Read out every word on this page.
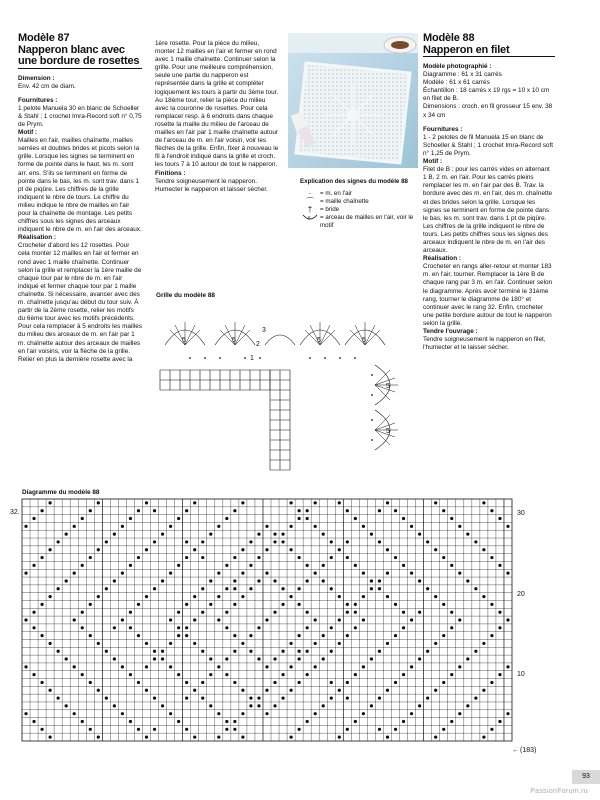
Modèle 87
Napperon blanc avec une bordure de rosettes

Dimension :

Env. 42 cm de diam.

Fournitures :

1 pelote Manuela 30 en blanc de Schoeller & Stahl ; 1 crochet Imra-Record soft n° 0,75 de Prym.

Motif :

Mailles en l'air, mailles chaînette, mailles serrées et doubles brides et picots selon la grille. Lorsque les signes se terminent en forme de pointe dans le haut, les m. sont arr. ens. S'ils se terminent en forme de pointe dans le bas, les m. sont trav. dans 1 pt de piqûre. Les chiffres de la grille indiquent le nbre de tours. Le chiffre du milieu indique le nbre de mailles en l'air pour la chaînette de montage. Les petits chiffres sous les signes des arceaux indiquent le nbre de m. en l'air des arceaux.

Réalisation :

Crocheter d'abord les 12 rosettes. Pour cela monter 12 mailles en l'air et fermer en rond avec 1 maille chaînette. Continuer selon la grille et remplacer la 1ère maille de chaque tour par le nbre de m. en l'air indiqué et fermer chaque tour par 1 maille chaînette. Si nécessaire, avancer avec des m. chaînette jusqu'au début du tour suiv. À partir de la 2ème rosette, relier les motifs du 6ème tour avec les motifs précédents. Pour cela remplacer à 5 endroits les mailles du milieu des arceaux de m. en l'air par 1 m. chaînette autour des arceaux de mailles en l'air voisins, voir la flèche de la grille. Relier en plus la dernière rosette avec la

1ère rosette. Pour la pièce du milieu, monter 12 mailles en l'air et fermer en rond avec 1 maille chaînette. Continuer selon la grille. Pour une meilleure compréhension, seule une partie du napperon est représentée dans la grille et compléter logiquement les tours à partir du 3ème tour. Au 18ème tour, relier la pièce du milieu avec la couronne de rosettes. Pour cela remplacer resp. à 6 endroits dans chaque rosette la maille du milieu de l'arceau de mailles en l'air par 1 maille chaînette autour de l'arceau de m. en l'air voisin, voir les flèches de la grille. Enfin, fixer à nouveau le fil à l'endroit indiqué dans la grille et croch. les tours 7 à 10 autour de tout le napperon.

Finitions :

Tendre soigneusement le napperon. Humecter le napperon et laisser sécher.

Explication des signes du modèle 88
·	= m. en l'air
⌒ = maille chaînette
†	= bride
5 = arceau de mailles en l'air, voir le motif
Modèle 88
Napperon en filet

Modèle photographié :

Diagramme : 61 x 31 carrés

Modèle : 61 x 61 carrés

Échantillon : 18 carrés x 19 rgs = 10 x 10 cm en filet de B.

Dimensions : croch. en fil grosseur 15 env. 38 x 34 cm

Fournitures :

1 - 2 pelotes de fil Manuela 15 en blanc de Schoeller & Stahl ; 1 crochet Imra-Record soft n° 1,25 de Prym.

Motif :

Filet de B : pour les carrés vides en alternant 1 B, 2 m. en l'air. Pour les carrés pleins remplacer les m. en l'air par des B. Trav. la bordure avec des m. en l'air, des m. chaînette et des brides selon la grille. Lorsque les signes se terminent en forme de pointe dans le bas, les m. sont trav. dans 1 pt de piqûre. Les chiffres de la grille indiquent le nbre de tours. Les petits chiffres sous les signes des arceaux indiquent le nbre de m. en l'air des arceaux.

Réalisation :

Crocheter en rangs aller-retour et monter 183 m. en l'air, tourner. Remplacer la 1ère B de chaque rang par 3 m. en l'air. Continuer selon le diagramme. Après avoir terminé le 31ème rang, tourner le diagramme de 180° et continuer avec le rang 32. Enfin, crocheter une petite bordure autour de tout le napperon selon la grille.

Tendre l'ouvrage :

Tendre soigneusement le napperon en filet, l'humecter et le laisser sécher.

Grille du modèle 88
5	5	5	5
5
5
3
2
1
Diagramme du modèle 88
32.	30
20
10
(183)
←
93
PassionForum.ru
